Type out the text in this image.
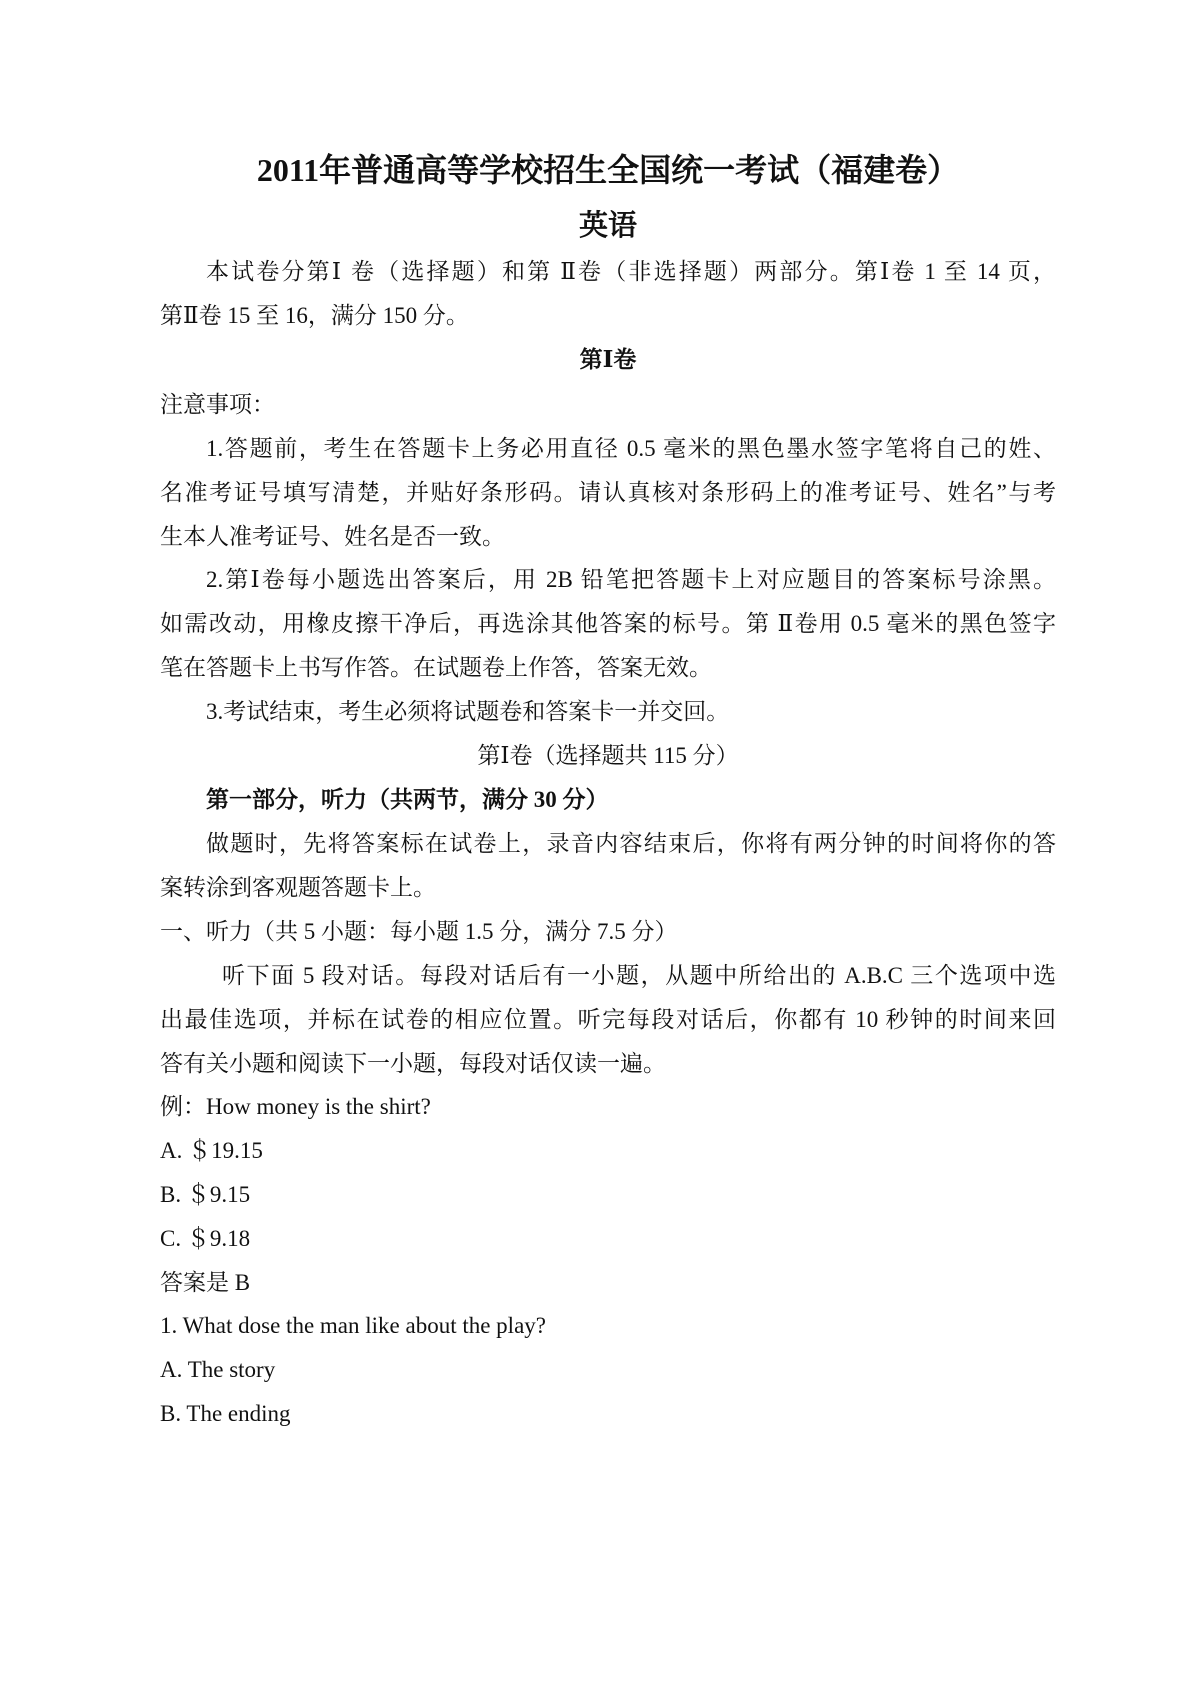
2011年普通高等学校招生全国统一考试（福建卷）
英语
本试卷分第Ⅰ 卷（选择题）和第 Ⅱ卷（非选择题）两部分。第Ⅰ卷 1 至 14 页，
第Ⅱ卷 15 至 16，满分 150 分。
第Ⅰ卷
注意事项：
1.答题前，考生在答题卡上务必用直径 0.5 毫米的黑色墨水签字笔将自己的姓、
名准考证号填写清楚，并贴好条形码。请认真核对条形码上的准考证号、姓名”与考
生本人准考证号、姓名是否一致。
2.第Ⅰ卷每小题选出答案后，用 2B 铅笔把答题卡上对应题目的答案标号涂黑。
如需改动，用橡皮擦干净后，再选涂其他答案的标号。第 Ⅱ卷用 0.5 毫米的黑色签字
笔在答题卡上书写作答。在试题卷上作答，答案无效。
3.考试结束，考生必须将试题卷和答案卡一并交回。
第Ⅰ卷（选择题共 115 分）
第一部分，听力（共两节，满分 30 分）
做题时，先将答案标在试卷上，录音内容结束后，你将有两分钟的时间将你的答
案转涂到客观题答题卡上。
一、听力（共 5 小题：每小题 1.5 分，满分 7.5 分）
听下面 5 段对话。每段对话后有一小题，从题中所给出的 A.B.C 三个选项中选
出最佳选项，并标在试卷的相应位置。听完每段对话后，你都有 10 秒钟的时间来回
答有关小题和阅读下一小题，每段对话仅读一遍。
例：How money is the shirt?
A. ＄19.15
B. ＄9.15
C. ＄9.18
答案是 B
1. What dose the man like about the play?
A. The story
B. The ending
